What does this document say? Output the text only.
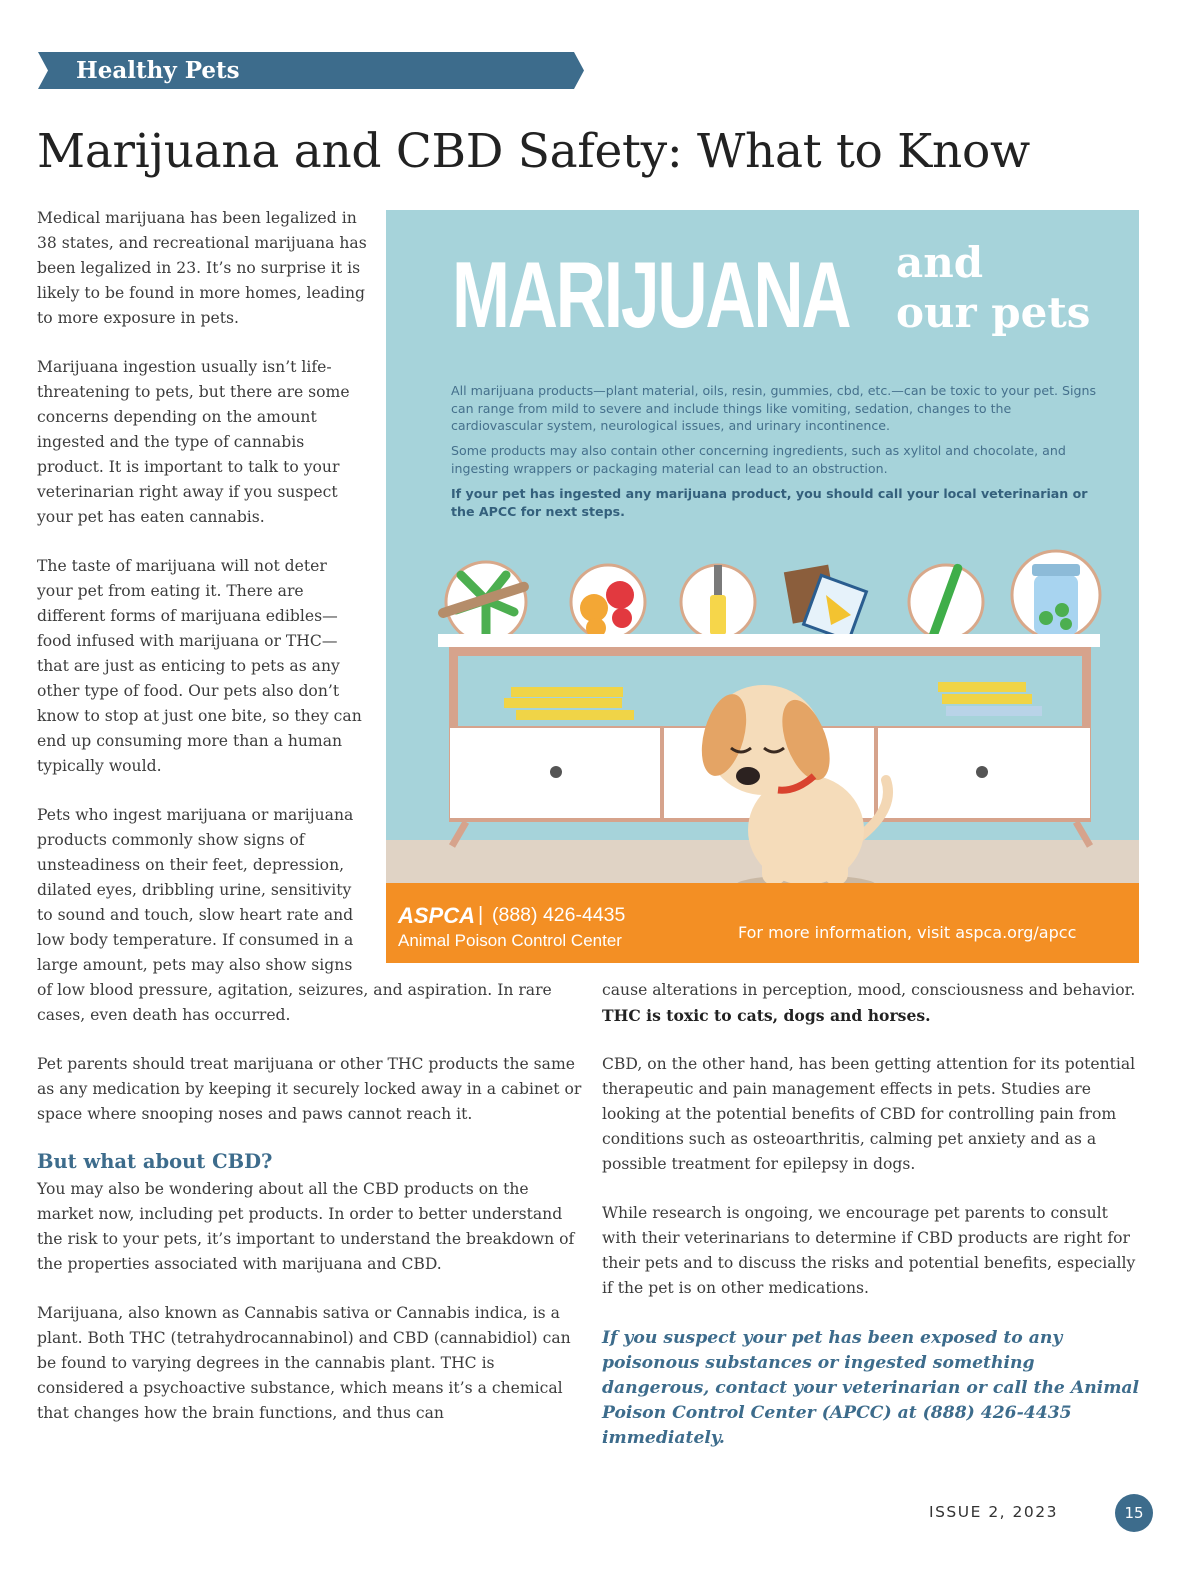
Healthy Pets
Marijuana and CBD Safety: What to Know

Medical marijuana has been legalized in 38 states, and recreational marijuana has been legalized in 23. It’s no surprise it is likely to be found in more homes, leading to more exposure in pets.

Marijuana ingestion usually isn’t life-threatening to pets, but there are some concerns depending on the amount ingested and the type of cannabis product. It is important to talk to your veterinarian right away if you suspect your pet has eaten cannabis.

The taste of marijuana will not deter your pet from eating it. There are different forms of marijuana edibles—food infused with marijuana or THC—that are just as enticing to pets as any other type of food. Our pets also don’t know to stop at just one bite, so they can end up consuming more than a human typically would.

Pets who ingest marijuana or marijuana products commonly show signs of unsteadiness on their feet, depression, dilated eyes, dribbling urine, sensitivity to sound and touch, slow heart rate and low body temperature. If consumed in a large amount, pets may also show signs

of low blood pressure, agitation, seizures, and aspiration. In rare cases, even death has occurred.

Pet parents should treat marijuana or other THC products the same as any medication by keeping it securely locked away in a cabinet or space where snooping noses and paws cannot reach it.

But what about CBD?

You may also be wondering about all the CBD products on the market now, including pet products. In order to better understand the risk to your pets, it’s important to understand the breakdown of the properties associated with marijuana and CBD.

Marijuana, also known as Cannabis sativa or Cannabis indica, is a plant. Both THC (tetrahydrocannabinol) and CBD (cannabidiol) can be found to varying degrees in the cannabis plant. THC is considered a psychoactive substance, which means it’s a chemical that changes how the brain functions, and thus can

cause alterations in perception, mood, consciousness and behavior. THC is toxic to cats, dogs and horses.

CBD, on the other hand, has been getting attention for its potential therapeutic and pain management effects in pets. Studies are looking at the potential benefits of CBD for controlling pain from conditions such as osteoarthritis, calming pet anxiety and as a possible treatment for epilepsy in dogs.

While research is ongoing, we encourage pet parents to consult with their veterinarians to determine if CBD products are right for their pets and to discuss the risks and potential benefits, especially if the pet is on other medications.

If you suspect your pet has been exposed to any poisonous substances or ingested something dangerous, contact your veterinarian or call the Animal Poison Control Center (APCC) at (888) 426-4435 immediately.

MARIJUANA and
our pets

All marijuana products—plant material, oils, resin, gummies, cbd, etc.—can be toxic to your pet. Signs can range from mild to severe and include things like vomiting, sedation, changes to the cardiovascular system, neurological issues, and urinary incontinence.

Some products may also contain other concerning ingredients, such as xylitol and chocolate, and ingesting wrappers or packaging material can lead to an obstruction.

If your pet has ingested any marijuana product, you should call your local veterinarian or the APCC for next steps.

ASPCA | (888) 426-4435
Animal Poison Control Center	For more information, visit aspca.org/apcc
ISSUE 2, 2023	15
